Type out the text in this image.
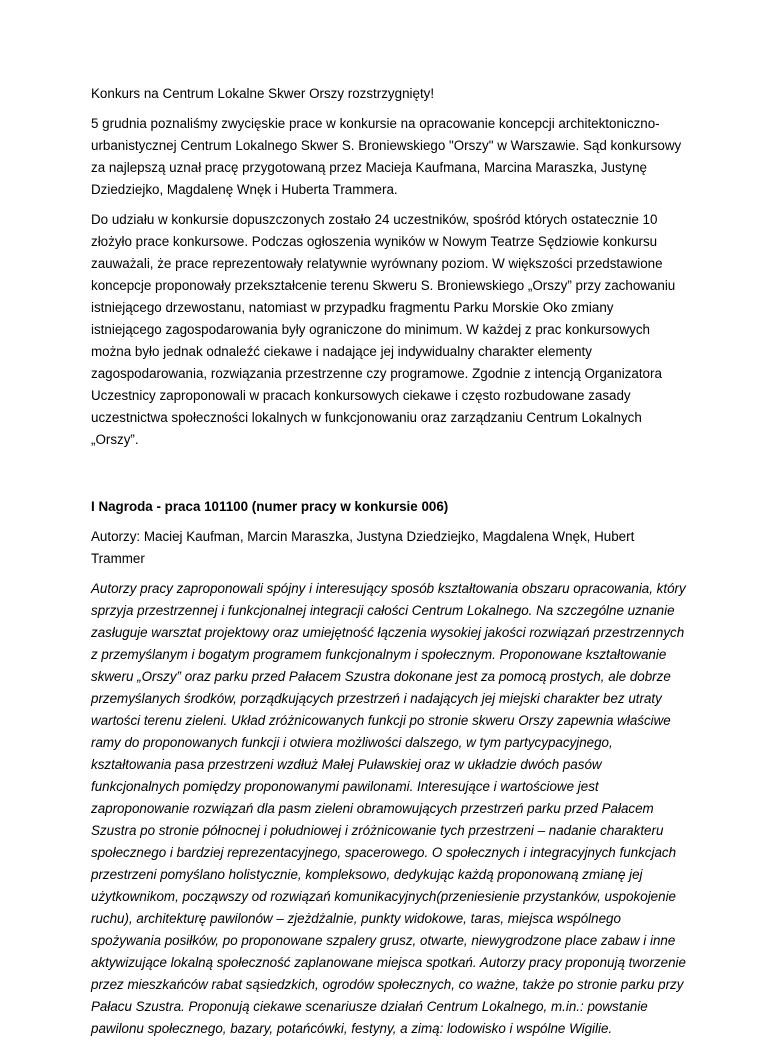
Konkurs na Centrum Lokalne Skwer Orszy rozstrzygnięty!

5 grudnia poznaliśmy zwycięskie prace w konkursie na opracowanie koncepcji architektoniczno-urbanistycznej Centrum Lokalnego Skwer S. Broniewskiego "Orszy" w Warszawie. Sąd konkursowy za najlepszą uznał pracę przygotowaną przez Macieja Kaufmana, Marcina Maraszka, Justynę Dziedziejko, Magdalenę Wnęk i Huberta Trammera.

Do udziału w konkursie dopuszczonych zostało 24 uczestników, spośród których ostatecznie 10 złożyło prace konkursowe. Podczas ogłoszenia wyników w Nowym Teatrze Sędziowie konkursu zauważali, że prace reprezentowały relatywnie wyrównany poziom. W większości przedstawione koncepcje proponowały przekształcenie terenu Skweru S. Broniewskiego „Orszy” przy zachowaniu istniejącego drzewostanu, natomiast w przypadku fragmentu Parku Morskie Oko zmiany istniejącego zagospodarowania były ograniczone do minimum. W każdej z prac konkursowych można było jednak odnaleźć ciekawe i nadające jej indywidualny charakter elementy zagospodarowania, rozwiązania przestrzenne czy programowe. Zgodnie z intencją Organizatora Uczestnicy zaproponowali w pracach konkursowych ciekawe i często rozbudowane zasady uczestnictwa społeczności lokalnych w funkcjonowaniu oraz zarządzaniu Centrum Lokalnych „Orszy”.

I Nagroda - praca 101100 (numer pracy w konkursie 006)

Autorzy: Maciej Kaufman, Marcin Maraszka, Justyna Dziedziejko, Magdalena Wnęk, Hubert Trammer

Autorzy pracy zaproponowali spójny i interesujący sposób kształtowania obszaru opracowania, który sprzyja przestrzennej i funkcjonalnej integracji całości Centrum Lokalnego. Na szczególne uznanie zasługuje warsztat projektowy oraz umiejętność łączenia wysokiej jakości rozwiązań przestrzennych z przemyślanym i bogatym programem funkcjonalnym i społecznym. Proponowane kształtowanie skweru „Orszy” oraz parku przed Pałacem Szustra dokonane jest za pomocą prostych, ale dobrze przemyślanych środków, porządkujących przestrzeń i nadających jej miejski charakter bez utraty wartości terenu zieleni. Układ zróżnicowanych funkcji po stronie skweru Orszy zapewnia właściwe ramy do proponowanych funkcji i otwiera możliwości dalszego, w tym partycypacyjnego, kształtowania pasa przestrzeni wzdłuż Małej Puławskiej oraz w układzie dwóch pasów funkcjonalnych pomiędzy proponowanymi pawilonami. Interesujące i wartościowe jest zaproponowanie rozwiązań dla pasm zieleni obramowujących przestrzeń parku przed Pałacem Szustra po stronie północnej i południowej i zróżnicowanie tych przestrzeni – nadanie charakteru społecznego i bardziej reprezentacyjnego, spacerowego. O społecznych i integracyjnych funkcjach przestrzeni pomyślano holistycznie, kompleksowo, dedykując każdą proponowaną zmianę jej użytkownikom, począwszy od rozwiązań komunikacyjnych(przeniesienie przystanków, uspokojenie ruchu), architekturę pawilonów – zjeżdżalnie, punkty widokowe, taras, miejsca wspólnego spożywania posiłków, po proponowane szpalery grusz, otwarte, niewygrodzone place zabaw i inne aktywizujące lokalną społeczność zaplanowane miejsca spotkań. Autorzy pracy proponują tworzenie przez mieszkańców rabat sąsiedzkich, ogrodów społecznych, co ważne, także po stronie parku przy Pałacu Szustra. Proponują ciekawe scenariusze działań Centrum Lokalnego, m.in.: powstanie pawilonu społecznego, bazary, potańcówki, festyny, a zimą: lodowisko i wspólne Wigilie.
